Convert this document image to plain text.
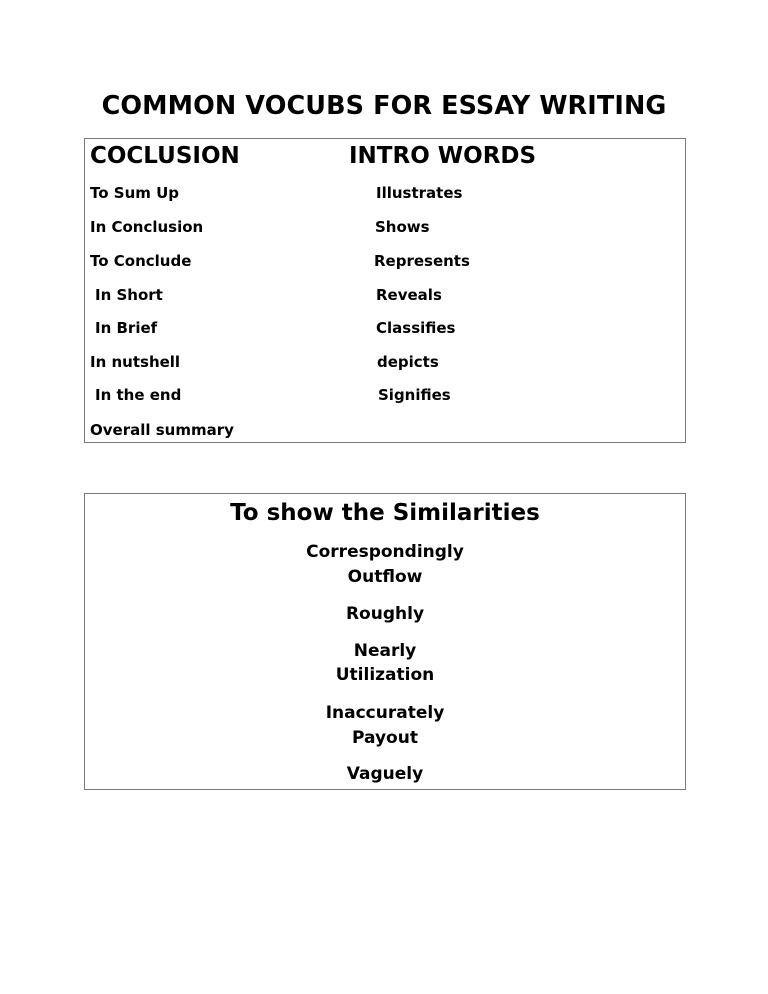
COMMON VOCUBS FOR ESSAY WRITING
COCLUSION	INTRO WORDS
To Sum Up
In Conclusion
To Conclude
In Short
In Brief
In nutshell
In the end
Overall summary
Illustrates
Shows
Represents
Reveals
Classifies
depicts
Signifies
To show the Similarities
Correspondingly
Outflow
Roughly
Nearly
Utilization
Inaccurately
Payout
Vaguely
